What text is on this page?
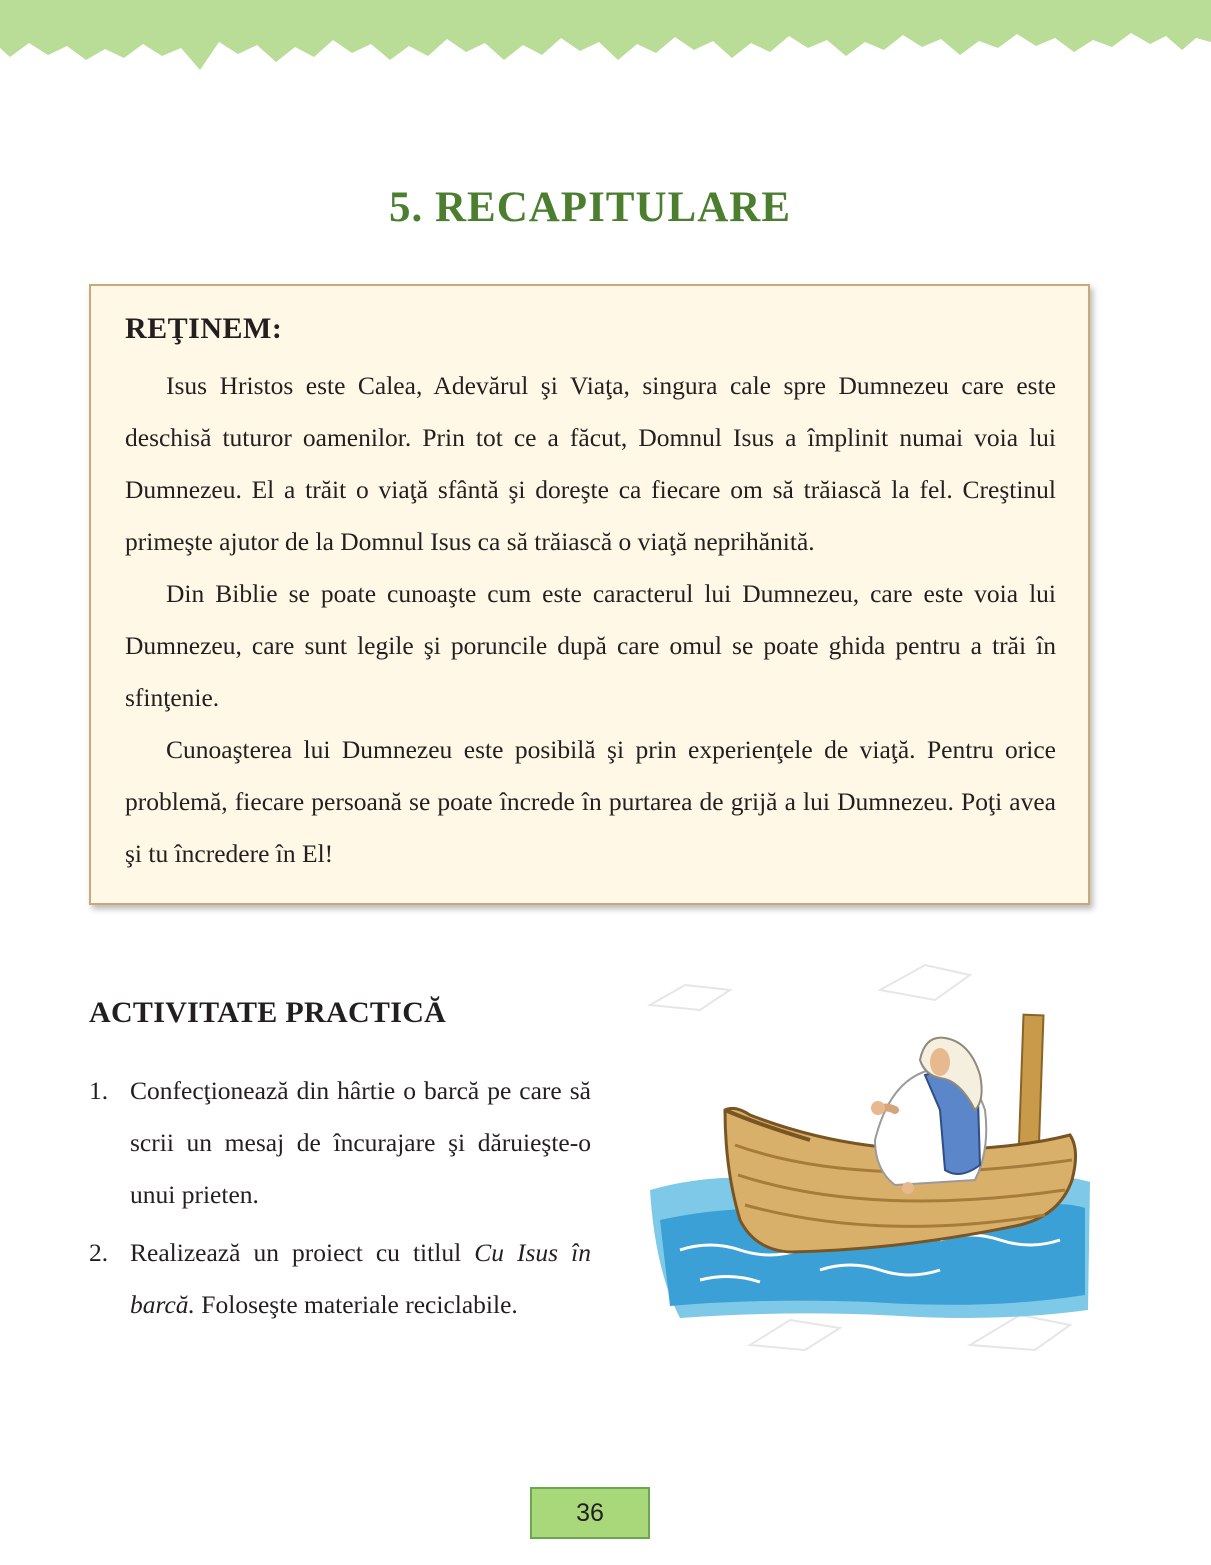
5. RECAPITULARE
REŢINEM:

Isus Hristos este Calea, Adevărul şi Viaţa, singura cale spre Dumnezeu care este deschisă tuturor oamenilor. Prin tot ce a făcut, Domnul Isus a împlinit numai voia lui Dumnezeu. El a trăit o viaţă sfântă şi doreşte ca fiecare om să trăiască la fel. Creştinul primeşte ajutor de la Domnul Isus ca să trăiască o viaţă neprihănită.

Din Biblie se poate cunoaşte cum este caracterul lui Dumnezeu, care este voia lui Dumnezeu, care sunt legile şi poruncile după care omul se poate ghida pentru a trăi în sfinţenie.

Cunoaşterea lui Dumnezeu este posibilă şi prin experienţele de viaţă. Pentru orice problemă, fiecare persoană se poate încrede în purtarea de grijă a lui Dumnezeu. Poţi avea şi tu încredere în El!

ACTIVITATE PRACTICĂ
1. Confecţionează din hârtie o barcă pe care să scrii un mesaj de încurajare şi dăruieşte-o unui prieten.
2. Realizează un proiect cu titlul Cu Isus în barcă. Foloseşte materiale reciclabile.
36
